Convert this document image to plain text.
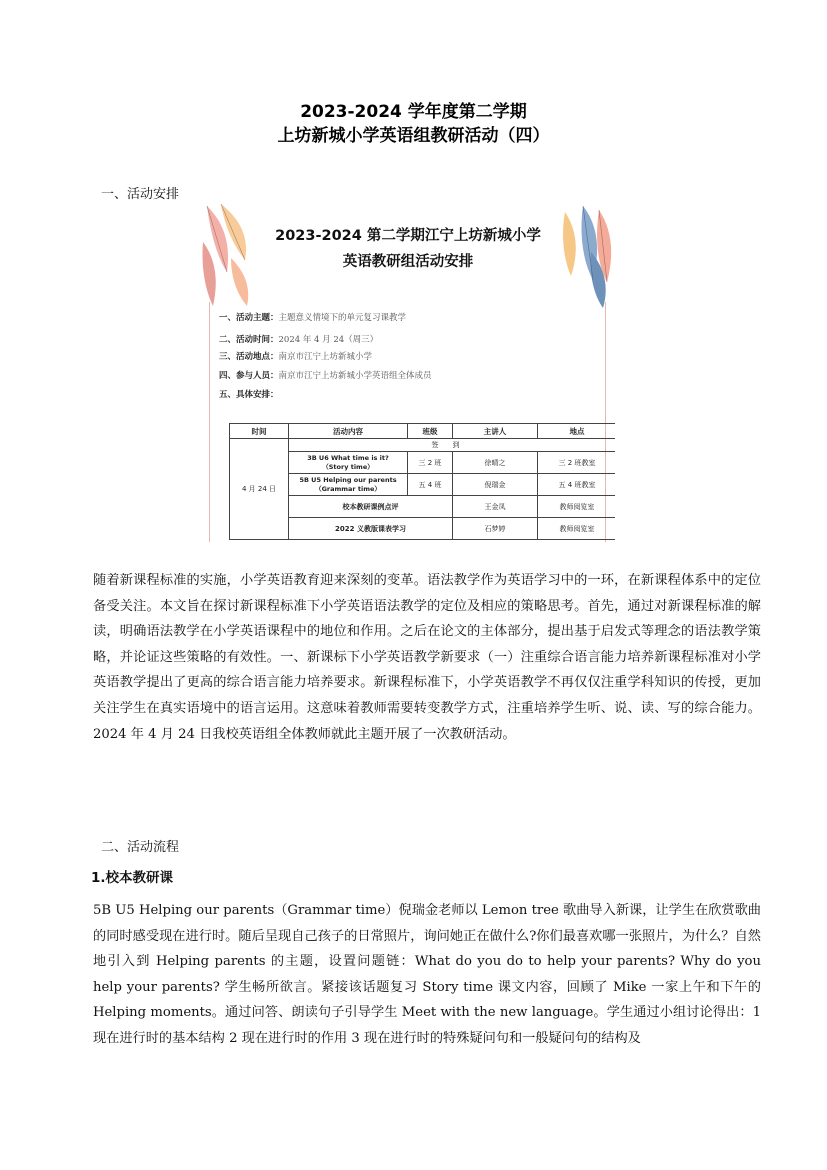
2023-2024 学年度第二学期
上坊新城小学英语组教研活动（四）
一、活动安排
2023-2024 第二学期江宁上坊新城小学
英语教研组活动安排
一、活动主题：主题意义情境下的单元复习课教学
二、活动时间：2024 年 4 月 24（周三）
三、活动地点：南京市江宁上坊新城小学
四、参与人员：南京市江宁上坊新城小学英语组全体成员
五、具体安排：
时间	活动内容	班级	主讲人	地点
4 月 24 日	签到			
	3B U6 What time is it?
（Story time）	三 2 班	徐晴之	三 2 班教室
	5B U5 Helping our parents
（Grammar time）	五 4 班	倪瑞金	五 4 班教室
	校本教研课例点评		王金凤	教师阅览室
	2022 义教版课表学习		石梦婷	教师阅览室

随着新课程标准的实施，小学英语教育迎来深刻的变革。语法教学作为英语学习中的一环，在新课程体系中的定位备受关注。本文旨在探讨新课程标准下小学英语语法教学的定位及相应的策略思考。首先，通过对新课程标准的解读，明确语法教学在小学英语课程中的地位和作用。之后在论文的主体部分，提出基于启发式等理念的语法教学策略，并论证这些策略的有效性。一、新课标下小学英语教学新要求（一）注重综合语言能力培养新课程标准对小学英语教学提出了更高的综合语言能力培养要求。新课程标准下，小学英语教学不再仅仅注重学科知识的传授，更加关注学生在真实语境中的语言运用。这意味着教师需要转变教学方式，注重培养学生听、说、读、写的综合能力。2024 年 4 月 24 日我校英语组全体教师就此主题开展了一次教研活动。

二、活动流程
1.校本教研课

5B U5 Helping our parents（Grammar time）倪瑞金老师以 Lemon tree 歌曲导入新课，让学生在欣赏歌曲的同时感受现在进行时。随后呈现自己孩子的日常照片，询问她正在做什么?你们最喜欢哪一张照片，为什么？自然地引入到 Helping parents 的主题，设置问题链：What do you do to help your parents? Why do you help your parents? 学生畅所欲言。紧接该话题复习 Story time 课文内容，回顾了 Mike 一家上午和下午的 Helping moments。通过问答、朗读句子引导学生 Meet with the new language。学生通过小组讨论得出：1 现在进行时的基本结构 2 现在进行时的作用 3 现在进行时的特殊疑问句和一般疑问句的结构及
